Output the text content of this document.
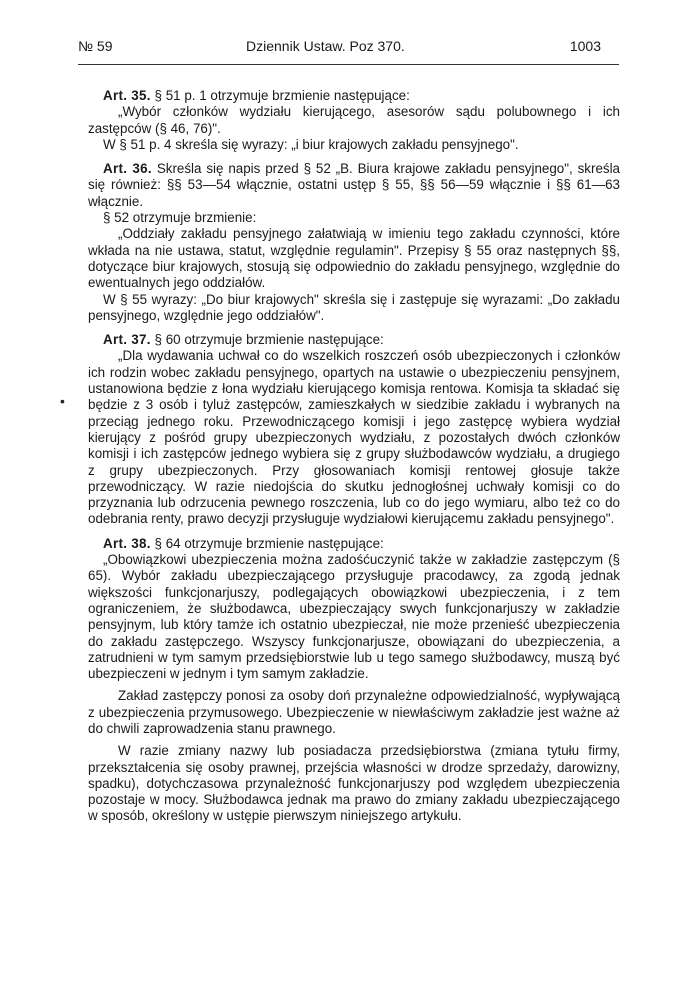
№ 59	Dziennik Ustaw. Poz 370.	1003
•

Art. 35. § 51 p. 1 otrzymuje brzmienie następujące:

„Wybór członków wydziału kierującego, asesorów sądu polubownego i ich zastępców (§ 46, 76)".

W § 51 p. 4 skreśla się wyrazy: „i biur krajowych zakładu pensyjnego".

Art. 36. Skreśla się napis przed § 52 „B. Biura krajowe zakładu pensyjnego", skreśla się również: §§ 53—54 włącznie, ostatni ustęp § 55, §§ 56—59 włącznie i §§ 61—63 włącznie.

§ 52 otrzymuje brzmienie:

„Oddziały zakładu pensyjnego załatwiają w imieniu tego zakładu czynności, które wkłada na nie ustawa, statut, względnie regulamin". Przepisy § 55 oraz następnych §§, dotyczące biur krajowych, stosują się odpowiednio do zakładu pensyjnego, względnie do ewentualnych jego oddziałów.

W § 55 wyrazy: „Do biur krajowych" skreśla się i zastępuje się wyrazami: „Do zakładu pensyjnego, względnie jego oddziałów".

Art. 37. § 60 otrzymuje brzmienie następujące:

„Dla wydawania uchwał co do wszelkich roszczeń osób ubezpieczonych i członków ich rodzin wobec zakładu pensyjnego, opartych na ustawie o ubezpieczeniu pensyjnem, ustanowiona będzie z łona wydziału kierującego komisja rentowa. Komisja ta składać się będzie z 3 osób i tyluż zastępców, zamieszkałych w siedzibie zakładu i wybranych na przeciąg jednego roku. Przewodniczącego komisji i jego zastępcę wybiera wydział kierujący z pośród grupy ubezpieczonych wydziału, z pozostałych dwóch członków komisji i ich zastępców jednego wybiera się z grupy służbodawców wydziału, a drugiego z grupy ubezpieczonych. Przy głosowaniach komisji rentowej głosuje także przewodniczący. W razie niedojścia do skutku jednogłośnej uchwały komisji co do przyznania lub odrzucenia pewnego roszczenia, lub co do jego wymiaru, albo też co do odebrania renty, prawo decyzji przysługuje wydziałowi kierującemu zakładu pensyjnego".

Art. 38. § 64 otrzymuje brzmienie następujące:

„Obowiązkowi ubezpieczenia można zadośćuczynić także w zakładzie zastępczym (§ 65). Wybór zakładu ubezpieczającego przysługuje pracodawcy, za zgodą jednak większości funkcjonarjuszy, podlegających obowiązkowi ubezpieczenia, i z tem ograniczeniem, że służbodawca, ubezpieczający swych funkcjonarjuszy w zakładzie pensyjnym, lub który tamże ich ostatnio ubezpieczał, nie może przenieść ubezpieczenia do zakładu zastępczego. Wszyscy funkcjonarjusze, obowiązani do ubezpieczenia, a zatrudnieni w tym samym przedsiębiorstwie lub u tego samego służbodawcy, muszą być ubezpieczeni w jednym i tym samym zakładzie.

Zakład zastępczy ponosi za osoby doń przynależne odpowiedzialność, wypływającą z ubezpieczenia przymusowego. Ubezpieczenie w niewłaściwym zakładzie jest ważne aż do chwili zaprowadzenia stanu prawnego.

W razie zmiany nazwy lub posiadacza przedsiębiorstwa (zmiana tytułu firmy, przekształcenia się osoby prawnej, przejścia własności w drodze sprzedaży, darowizny, spadku), dotychczasowa przynależność funkcjonarjuszy pod względem ubezpieczenia pozostaje w mocy. Służbodawca jednak ma prawo do zmiany zakładu ubezpieczającego w sposób, określony w ustępie pierwszym niniejszego artykułu.
